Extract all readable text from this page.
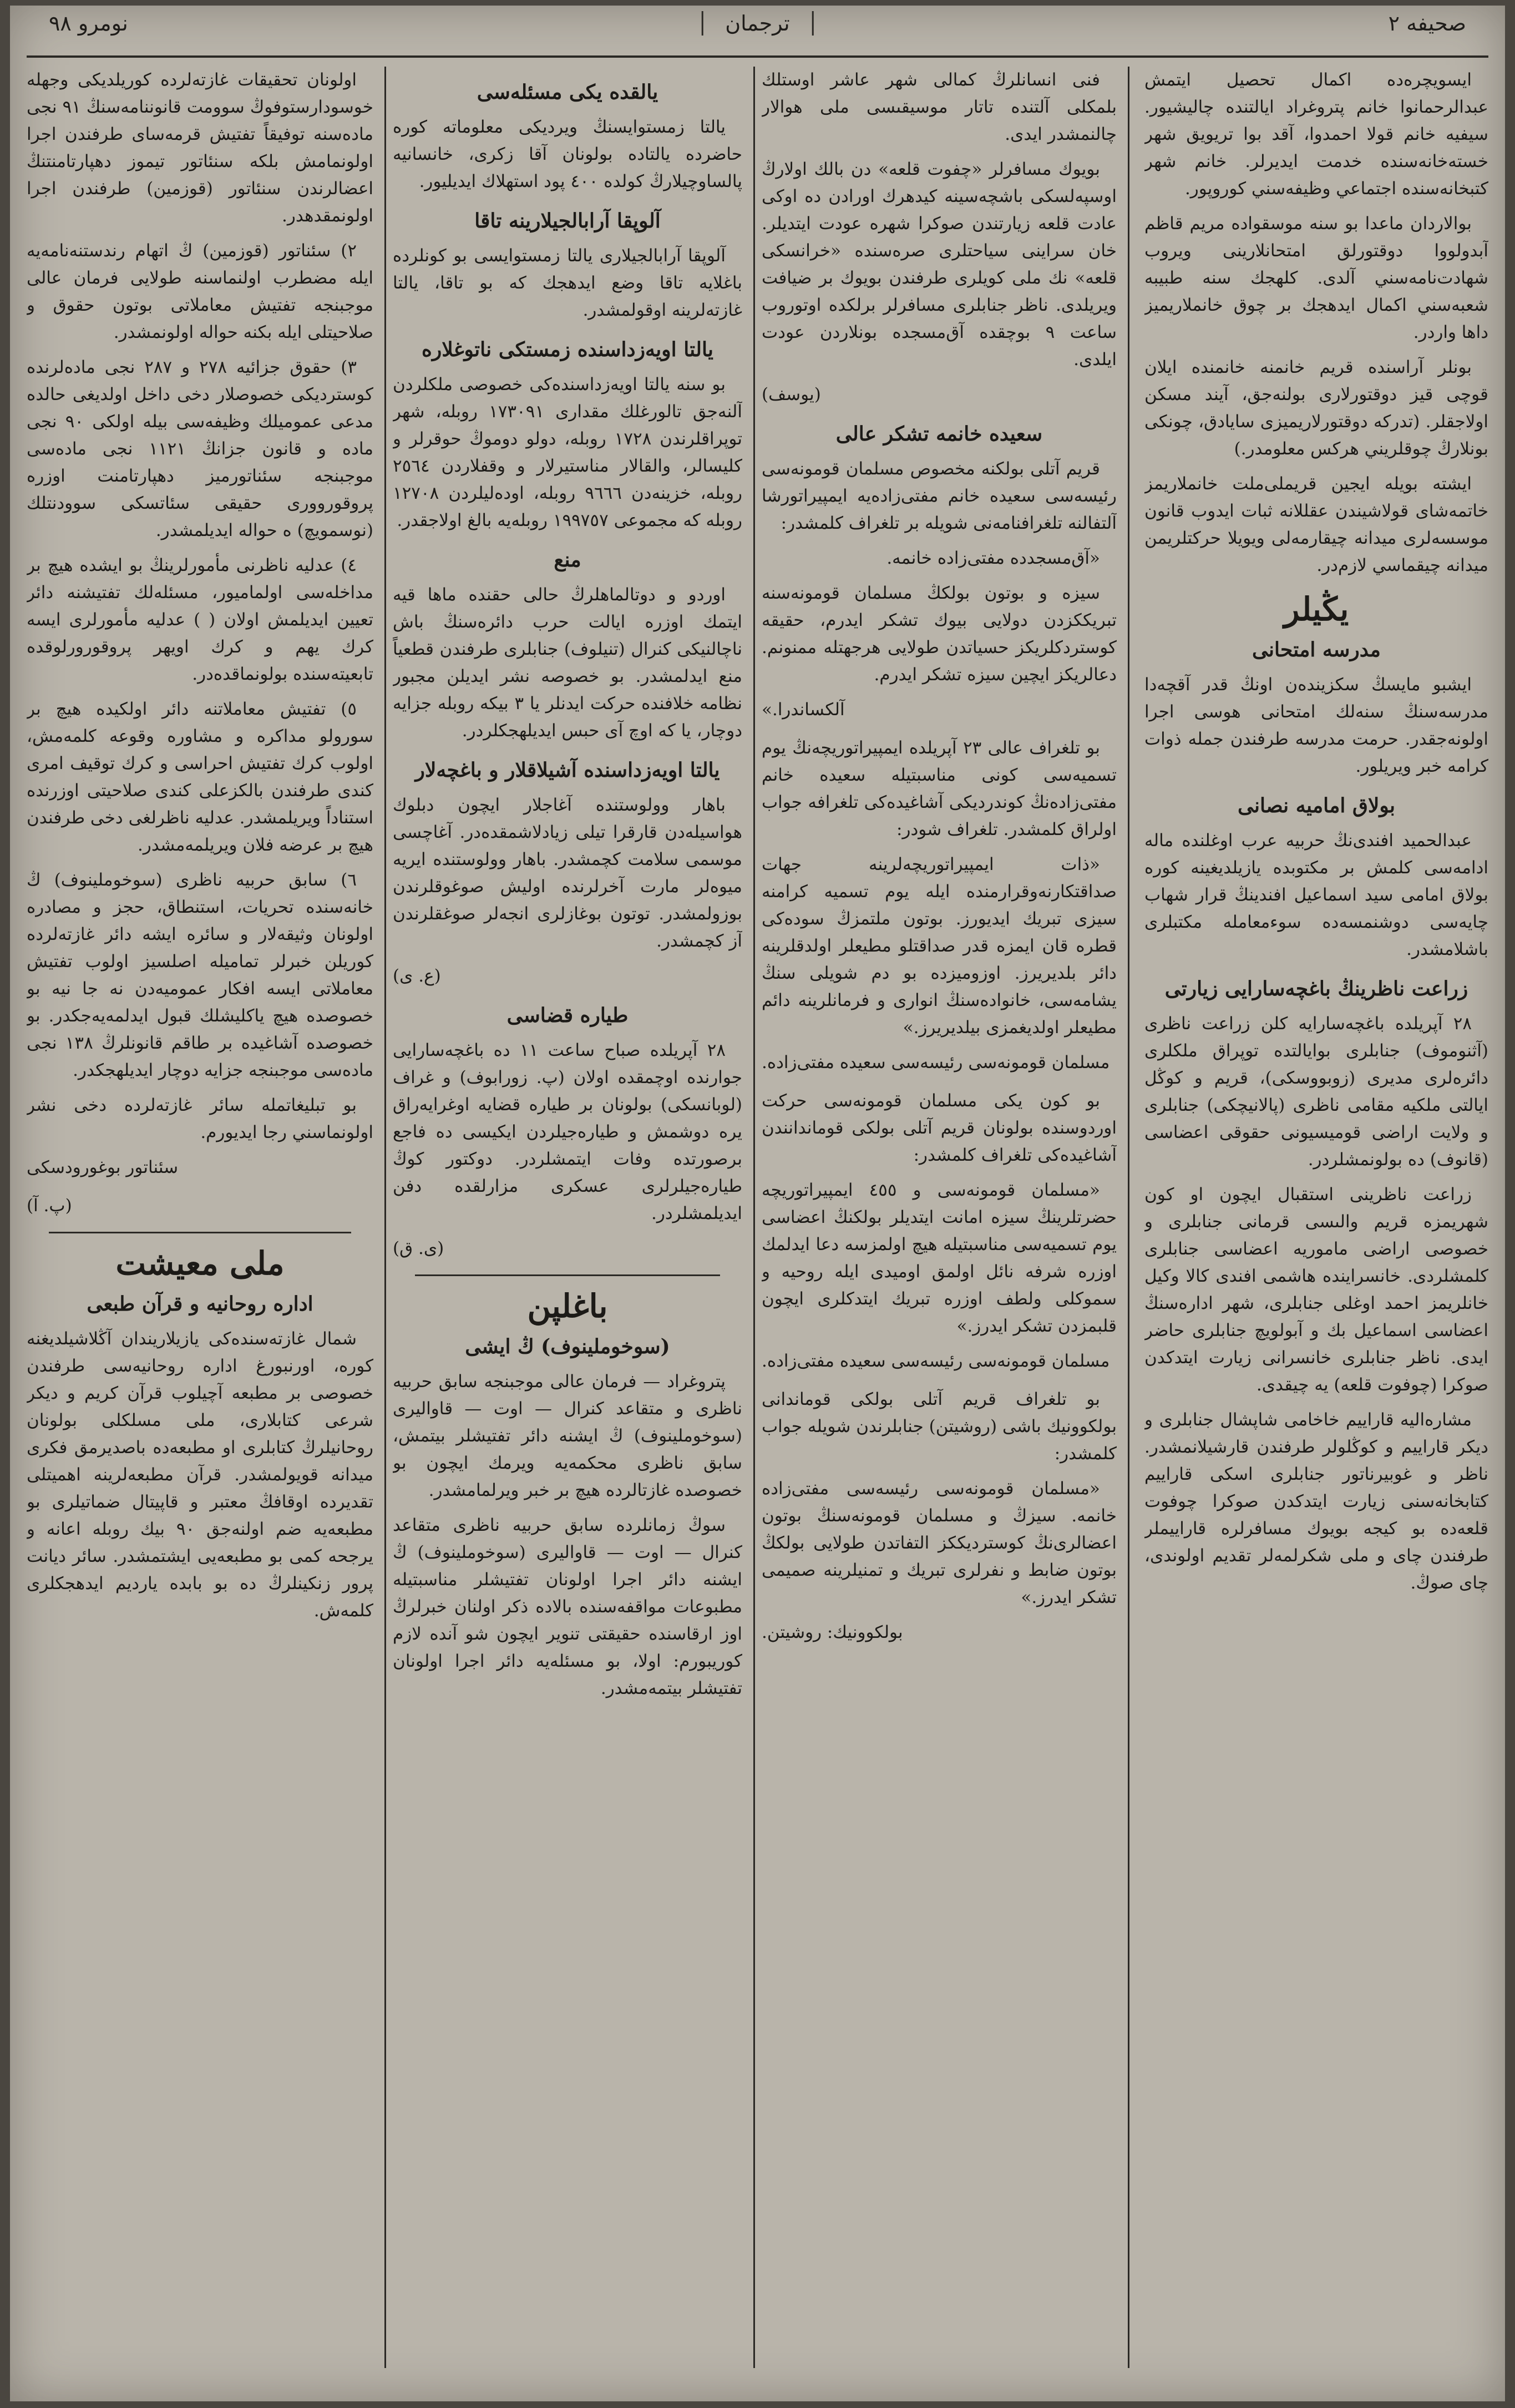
نومرو ٩٨	ترجمان	صحيفه ٢

ايسويچره‌ده اكمال تحصيل ايتمش عبدالرحمانوا خانم پتروغراد ايالتنده چاليشيور. سيفيه خانم قولا احمدوا، آقد بوا تريويق شهر خسته‌خانه‌سنده خدمت ايديرلر. خانم شهر كتبخانه‌سنده اجتماعي وظيفه‌سني كوروپور.

بوالاردان ماعدا بو سنه موسقواده مريم قاظم آبدولووا دوقتورلق امتحانلارينى ويروب شهادت‌نامه‌سني آلدى. كلهجك سنه طبيبه شعبه‌سني اكمال ايدهجك بر چوق خانملاريميز داها واردر.

بونلر آراسنده قريم خانمنه خانمنده ايلان قوچى قيز دوقتورلارى بولنه‌جق، آيند مسكن اولاجقلر. (تدركه دوقتورلاريميزى سايادق، چونكى بونلارڭ چوقلريني هركس معلومدر.)

ايشته بويله ايجين قريملى‌ملت خانملاريمز خاتمه‌شاى قولاشيندن عقللانه ثبات ايدوب قانون موسسه‌لرى ميدانه چيقارمه‌لى ويويلا حركتلريمن ميدانه چيقماسي لازم‌در.

يڭيلر
مدرسه امتحانى

ايشبو مايسڭ سكزينده‌ن اونڭ قدر آقچه‌دا مدرسه‌سنڭ سنه‌لك امتحانى هوسى اجرا اولونه‌جقدر. حرمت مدرسه طرفندن جمله ذوات كرامه خبر ويريلور.

بولاق اماميه نصانى

عبدالحميد افندى‌نڭ حربيه عرب اوغلنده ماله ادامه‌سى كلمش بر مكتوبده يازيلديغينه كوره بولاق امامى سيد اسماعيل افندينڭ قرار شهاب چايه‌سى دوشنمسه‌ده سوء‌معامله مكتبلرى باشلامشدر.

زراعت ناظرينڭ باغچه‌سارايى زيارتى

٢٨ آپريلده باغچه‌سارايه كلن زراعت ناظرى (آثنوموف) جنابلرى بوايالتده توپراق ملكلرى دائره‌لرى مديرى (زوبووسكى)، قريم و كوڭل ايالتى ملكيه مقامى ناظرى (پالانيچكى) جنابلرى و ولايت اراضى قوميسيونى حقوقى اعضاسى (قانوف) ده بولونمشلردر.

زراعت ناظرينى استقبال ايچون او كون شهريمزه قريم والىسى قرمانى جنابلرى و خصوصى اراضى ماموريه اعضاسى جنابلرى كلمشلردى. خانسراينده هاشمى افندى كالا وكيل خانلريمز احمد اوغلى جنابلرى، شهر اداره‌سنڭ اعضاسى اسماعيل بك و آبولويچ جنابلرى حاضر ايدى. ناظر جنابلرى خانسرانى زيارت ايتدكدن صوكرا (چوفوت قلعه) يه چيقدى.

مشاره‌اليه قاراييم خاخامى شاپشال جنابلرى و ديكر قاراييم و كوڭلولر طرفندن قارشيلانمشدر. ناظر و غوبيرناتور جنابلرى اسكى قاراييم كتابخانه‌سنى زيارت ايتدكدن صوكرا چوفوت قلعه‌ده بو كيجه بويوك مسافرلره قاراييملر طرفندن چاى و ملى شكرلمه‌لر تقديم اولوندى، چاى صوڭ.

فنى انسانلرڭ كمالى شهر عاشر اوستلك بلمكلى آلتنده تاتار موسيقىسى ملى هوالار چالنمشدر ايدى.

بويوك مسافرلر «چفوت قلعه» دن بالك اولارڭ اوسپه‌لسكى باشچه‌سينه كيدهرك اورادن ده اوكى عادت قلعه زيارتندن صوكرا شهره عودت ايتديلر. خان سراينى سياحتلرى صره‌سنده «خرانسكى قلعه» نك ملى كويلرى طرفندن بويوك بر ضيافت ويريلدى. ناظر جنابلرى مسافرلر برلكده اوتوروب ساعت ٩ بوچقده آق‌مسجده بونلاردن عودت ايلدى.

(يوسف)

سعيده خانمه تشكر عالى

قريم آتلى بولكنه مخصوص مسلمان قومونه‌سى رئيسه‌سى سعيده خانم مفتى‌زاده‌يه ايمپيراتورشا آلتفالنه تلغرافنامه‌نى شويله بر تلغراف كلمشدر:

«آق‌مسجدده مفتى‌زاده خانمه.

سيزه و بوتون بولكڭ مسلمان قومونه‌سنه تبريككزدن دولايى بيوك تشكر ايدرم، حقيقه كوستردكلريكز حسياتدن طولايى هرجهتله ممنونم. دعالريكز ايچين سيزه تشكر ايدرم.

آلكساندرا.»

بو تلغراف عالى ٢٣ آپريلده ايمپيراتوريچه‌نڭ يوم تسميه‌سى كونى مناسبتيله سعيده خانم مفتى‌زاده‌نڭ كوندرديكى آشاغيده‌كى تلغرافه جواب اولراق كلمشدر. تلغراف شودر:

«ذات ايمپيراتوريچه‌لرينه جهات صداقتكارنه‌وقرارمنده ايله يوم تسميه كرامنه سيزى تبريك ايديورز. بوتون ملتمزڭ سوده‌كى قطره قان ايمزه قدر صداقتلو مطيعلر اولدقلرينه دائر بلديريرز. اوزوميزده بو دم شويلى سنڭ يشامه‌سى، خانواده‌سنڭ انوارى و فرمانلرينه دائم مطيعلر اولديغمزى بيلديريرز.»

مسلمان قومونه‌سى رئيسه‌سى سعيده مفتى‌زاده.

بو كون يكى مسلمان قومونه‌سى حركت اوردوسنده بولونان قريم آتلى بولكى قوماندانندن آشاغيده‌كى تلغراف كلمشدر:

«مسلمان قومونه‌سى و ٤٥٥ ايمپيراتوريچه حضرتلرينڭ سيزه امانت ايتديلر بولكنڭ اعضاسى يوم تسميه‌سى مناسبتيله هيچ اولمزسه دعا ايدلمك اوزره شرفه نائل اولمق اوميدى ايله روحيه و سموكلى ولطف اوزره تبريك ايتدكلرى ايچون قلبمزدن تشكر ايدرز.»

مسلمان قومونه‌سى رئيسه‌سى سعيده مفتى‌زاده.

بو تلغراف قريم آتلى بولكى قوماندانى بولكوونيك باشى (روشيتن) جنابلرندن شويله جواب كلمشدر:

«مسلمان قومونه‌سى رئيسه‌سى مفتى‌زاده خانمه. سيزڭ و مسلمان قومونه‌سنڭ بوتون اعضالرى‌نڭ كوسترديككز التفاتدن طولايى بولكڭ بوتون ضابط و نفرلرى تبريك و تمنيلرينه صميمى تشكر ايدرز.»

بولكوونيك: روشيتن.

يالقده يكى مسئله‌سى

يالتا زمستوايسنڭ ويرديكى معلوماته كوره حاضرده يالتاده بولونان آقا زكرى، خانسانيه پالساوچيلارڭ كولده ٤٠٠ پود استهلاك ايديليور.

آلوپقا آرابالجيلارينه تاقا

آلوپقا آرابالجيلارى يالتا زمستوايسى بو كونلرده باغلايه تاقا وضع ايدهجك كه بو تاقا، يالتا غازته‌لرينه اوقولمشدر.

يالتا اويه‌زداسنده زمستكى ناتوغلاره

بو سنه يالتا اويه‌زداسنده‌كى خصوصى ملكلردن آلنه‌جق تالورغلك مقدارى ١٧٣٠٩١ روبله، شهر توپراقلرندن ١٧٢٨ روبله، دولو دوموڭ حوقرلر و كليسالر، والقالار مناستيرلار و وقفلاردن ٢٥٦٤ روبله، خزينه‌دن ٩٦٦٦ روبله، اوده‌ليلردن ١٢٧٠٨ روبله كه مجموعى ١٩٩٧٥٧ روبله‌يه بالغ اولاجقدر.

منع

اوردو و دوتالماهلرڭ حالى حقنده ماها قيه ايتمك اوزره ايالت حرب دائره‌سنڭ باش ناچالنيكى كنرال (تنيلوف) جنابلرى طرفندن قطعياً منع ايدلمشدر. بو خصوصه نشر ايديلن مجبور نظامه خلافنده حركت ايدنلر يا ٣ بيكه روبله جزايه دوچار، يا كه اوچ آى حبس ايديلهجكلردر.

يالتا اويه‌زداسنده آشيلاقلار و باغچه‌لار

باهار وولوستنده آغاجلار ايچون دبلوك هواسيله‌دن قارقرا تيلى زيادلاشمقده‌در. آغاچسى موسمى سلامت كچمشدر. باهار وولوستنده ايريه ميوه‌لر مارت آخرلرنده اوليش صوغوقلرندن بوزولمشدر. توتون بوغازلرى انجه‌لر صوغقلرندن آز كچمشدر.

(ع. ى)

طياره قضاسى

٢٨ آپريلده صباح ساعت ١١ ده باغچه‌سارايى جوارنده اوچمقده اولان (پ. زورابوف) و غراف (لوبانسكى) بولونان بر طياره قضايه اوغرايه‌راق يره دوشمش و طياره‌جيلردن ايكيسى ده فاجع برصورتده وفات ايتمشلردر. دوكتور كوڭ طياره‌جيلرلرى عسكرى مزارلقده دفن ايديلمشلردر.

(ى. ق)

باغلپن
(سوخوملينوف) ڭ ايشى

پتروغراد — فرمان عالى موجبنجه سابق حربيه ناظرى و متقاعد كنرال — اوت — قاواليرى (سوخوملينوف) ڭ ايشنه دائر تفتيشلر بيتمش، سابق ناظرى محكمه‌يه ويرمك ايچون بو خصوصده غازتالرده هيچ بر خبر ويرلمامشدر.

سوڭ زمانلرده سابق حربيه ناظرى متقاعد كنرال — اوت — قاواليرى (سوخوملينوف) ڭ ايشنه دائر اجرا اولونان تفتيشلر مناسبتيله مطبوعات مواقفه‌سنده بالاده ذكر اولنان خبرلرڭ اوز ارقاسنده حقيقتى تنوير ايچون شو آنده لازم كوريبورم: اولا، بو مسئله‌يه دائر اجرا اولونان تفتيشلر بيتمه‌مشدر.

اولونان تحقيقات غازته‌لرده كوريلديكى وجهله خوسودارستوفوڭ سوومت قانوننامه‌سنڭ ٩١ نجى ماده‌سنه توفيقاً تفتيش قرمه‌ساى طرفندن اجرا اولونمامش بلكه سنئاتور تيموز دهپارتامنتنڭ اعضالرندن سنئاتور (قوزمين) طرفندن اجرا اولونمقدهدر.

٢) سئناتور (قوزمين) ڭ اتهام رندستنه‌نامه‌يه ايله مضطرب اولنماسنه طولايى فرمان عالى موجبنجه تفتيش معاملاتى بوتون حقوق و صلاحيتلى ايله بكنه حواله اولونمشدر.

٣) حقوق جزائيه ٢٧٨ و ٢٨٧ نجى ماده‌لرنده كوسترديكى خصوصلار دخى داخل اولديغى حالده مدعى عموميلك وظيفه‌سى بيله اولكى ٩٠ نجى ماده و قانون جزانڭ ١١٢١ نجى ماده‌سى موجبنجه سئناتورميز دهپارتامنت اوزره پروقوروورى حقيقى سئاتسكى سوودنتلك (نوسمويچ) ه حواله ايديلمشدر.

٤) عدليه ناظرنى مأمورلرينڭ بو ايشده هيچ بر مداخله‌سى اولماميور، مسئله‌لك تفتيشنه دائر تعيين ايديلمش اولان ( ) عدليه مأمورلرى ايسه كرك يهم و كرك اويهر پروقورورلوقده تابعيته‌سنده بولونماقده‌در.

٥) تفتيش معاملاتنه دائر اولكيده هيچ بر سورولو مداكره و مشاوره وقوعه كلمه‌مش، اولوب كرك تفتيش احراسى و كرك توقيف امرى كندى طرفندن بالكزعلى كندى صلاحيتى اوزرنده استناداً ويريلمشدر. عدليه ناظرلغى دخى طرفندن هيچ بر عرضه فلان ويريلمه‌مشدر.

٦) سابق حربيه ناظرى (سوخوملينوف) ڭ خانه‌سنده تحريات، استنطاق، حجز و مصادره اولونان وثيقه‌لار و سائره ايشه دائر غازته‌لرده كوريلن خبرلر تماميله اصلسيز اولوب تفتيش معاملاتى ايسه افكار عموميه‌دن نه جا نيه بو خصوصده هيچ ياكليشلك قبول ايدلمه‌يه‌جكدر. بو خصوصده آشاغيده بر طاقم قانونلرڭ ١٣٨ نجى ماده‌سى موجبنجه جزايه دوچار ايديلهجكدر.

بو تبليغاتمله سائر غازته‌لرده دخى نشر اولونماسني رجا ايديورم.

سئناتور بوغورودسكى

(پ. آ)

ملى معيشت
اداره روحانيه و قرآن طبعى

شمال غازته‌سنده‌كى يازيلاريندان آڭلاشيلديغنه كوره، اورنبورغ اداره روحانيه‌سى طرفندن خصوصى بر مطبعه آچيلوب قرآن كريم و ديكر شرعى كتابلارى، ملى مسلكلى بولونان روحانيلرڭ كتابلرى او مطبعه‌ده باصديرمق فكرى ميدانه قويولمشدر. قرآن مطبعه‌لرينه اهميتلى تقديرده اوقافڭ معتبر و قاپيتال ضماتيلرى بو مطبعه‌يه ضم اولنه‌جق ٩٠ بيك روبله اعانه و يرجحه كمى بو مطبعه‌يى ايشتمشدر. سائر ديانت پرور زنكينلرڭ ده بو بابده يارديم ايدهجكلرى كلمه‌ش.
